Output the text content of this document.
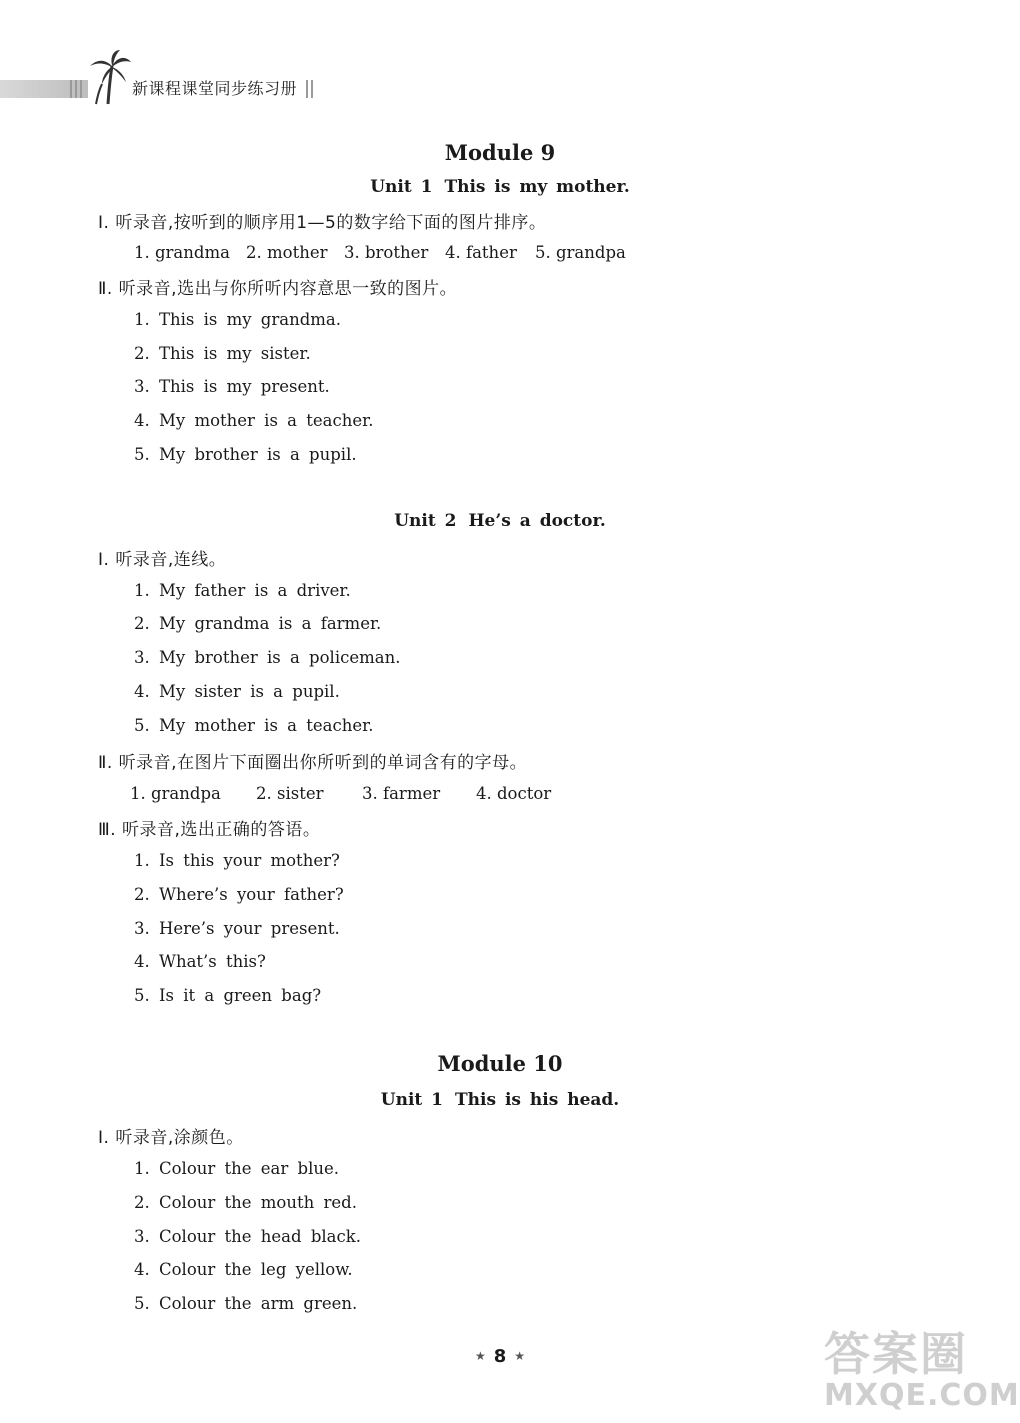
新课程课堂同步练习册
Module 9
Unit 1 This is my mother.
Ⅰ. 听录音,按听到的顺序用1—5的数字给下面的图片排序。
1. grandma 2. mother 3. brother 4. father 5. grandpa
Ⅱ. 听录音,选出与你所听内容意思一致的图片。
1. This is my grandma.
2. This is my sister.
3. This is my present.
4. My mother is a teacher.
5. My brother is a pupil.
Unit 2 He’s a doctor.
Ⅰ. 听录音,连线。
1. My father is a driver.
2. My grandma is a farmer.
3. My brother is a policeman.
4. My sister is a pupil.
5. My mother is a teacher.
Ⅱ. 听录音,在图片下面圈出你所听到的单词含有的字母。
1. grandpa 2. sister 3. farmer 4. doctor
Ⅲ. 听录音,选出正确的答语。
1. Is this your mother?
2. Where’s your father?
3. Here’s your present.
4. What’s this?
5. Is it a green bag?
Module 10
Unit 1 This is his head.
Ⅰ. 听录音,涂颜色。
1. Colour the ear blue.
2. Colour the mouth red.
3. Colour the head black.
4. Colour the leg yellow.
5. Colour the arm green.
★ 8 ★	答案圈
MXQE.COM
